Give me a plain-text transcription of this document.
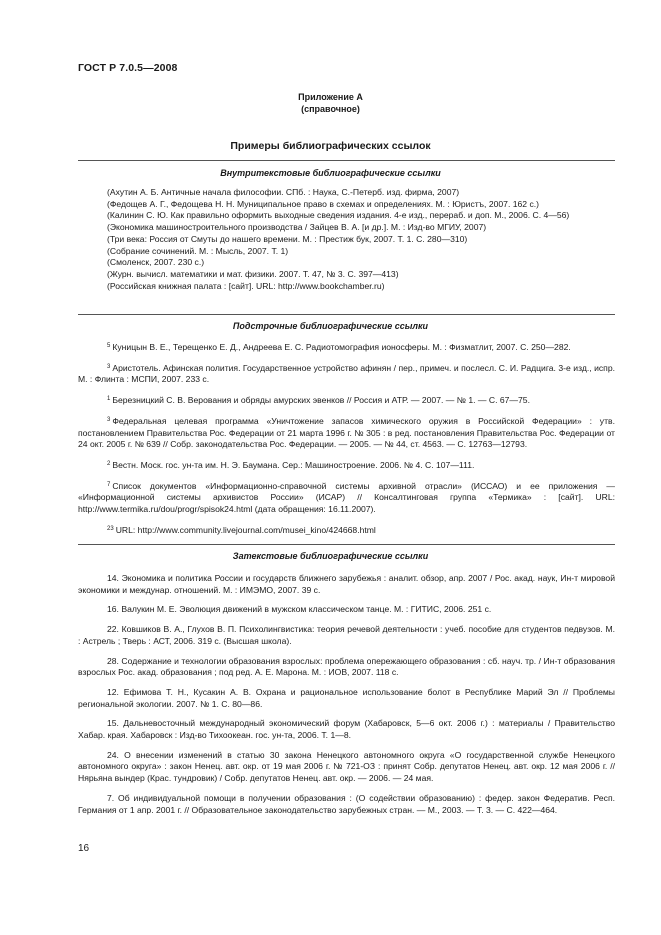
ГОСТ Р 7.0.5—2008
Приложение А
(справочное)
Примеры библиографических ссылок
Внутритекстовые библиографические ссылки

(Ахутин А. Б. Античные начала философии. СПб. : Наука, С.-Петерб. изд. фирма, 2007)

(Федощев А. Г., Федощева Н. Н. Муниципальное право в схемах и определениях. М. : Юристъ, 2007. 162 с.)

(Калинин С. Ю. Как правильно оформить выходные сведения издания. 4-е изд., перераб. и доп. М., 2006. С. 4—56)

(Экономика машиностроительного производства / Зайцев В. А. [и др.]. М. : Изд-во МГИУ, 2007)

(Три века: Россия от Смуты до нашего времени. М. : Престиж бук, 2007. Т. 1. С. 280—310)

(Собрание сочинений. М. : Мысль, 2007. Т. 1)

(Смоленск, 2007. 230 с.)

(Журн. вычисл. математики и мат. физики. 2007. Т. 47, № 3. С. 397—413)

(Российская книжная палата : [сайт]. URL: http://www.bookchamber.ru)

Подстрочные библиографические ссылки

$^5$ Куницын В. Е., Терещенко Е. Д., Андреева Е. С. Радиотомография ионосферы. М. : Физматлит, 2007. С. 250—282.

$^3$ Аристотель. Афинская полития. Государственное устройство афинян / пер., примеч. и послесл. С. И. Радцига. 3-е изд., испр. М. : Флинта : МСПИ, 2007. 233 с.

$^1$ Березницкий С. В. Верования и обряды амурских эвенков // Россия и АТР. — 2007. — № 1. — С. 67—75.

$^3$ Федеральная целевая программа «Уничтожение запасов химического оружия в Российской Федерации» : утв. постановлением Правительства Рос. Федерации от 21 марта 1996 г. № 305 : в ред. постановления Правительства Рос. Федерации от 24 окт. 2005 г. № 639 // Собр. законодательства Рос. Федерации. — 2005. — № 44, ст. 4563. — С. 12763—12793.

$^2$ Вестн. Моск. гос. ун-та им. Н. Э. Баумана. Сер.: Машиностроение. 2006. № 4. С. 107—111.

$^7$ Список документов «Информационно-справочной системы архивной отрасли» (ИССАО) и ее приложения — «Информационной системы архивистов России» (ИСАР) // Консалтинговая группа «Термика» : [сайт]. URL: http://www.termika.ru/dou/progr/spisok24.html (дата обращения: 16.11.2007).

$^{23}$ URL: http://www.community.livejournal.com/musei_kino/424668.html

Затекстовые библиографические ссылки

14. Экономика и политика России и государств ближнего зарубежья : аналит. обзор, апр. 2007 / Рос. акад. наук, Ин-т мировой экономики и междунар. отношений. М. : ИМЭМО, 2007. 39 с.

16. Валукин М. Е. Эволюция движений в мужском классическом танце. М. : ГИТИС, 2006. 251 с.

22. Ковшиков В. А., Глухов В. П. Психолингвистика: теория речевой деятельности : учеб. пособие для студентов педвузов. М. : Астрель ; Тверь : АСТ, 2006. 319 с. (Высшая школа).

28. Содержание и технологии образования взрослых: проблема опережающего образования : сб. науч. тр. / Ин-т образования взрослых Рос. акад. образования ; под ред. А. Е. Марона. М. : ИОВ, 2007. 118 с.

12. Ефимова Т. Н., Кусакин А. В. Охрана и рациональное использование болот в Республике Марий Эл // Проблемы региональной экологии. 2007. № 1. С. 80—86.

15. Дальневосточный международный экономический форум (Хабаровск, 5—6 окт. 2006 г.) : материалы / Правительство Хабар. края. Хабаровск : Изд-во Тихоокеан. гос. ун-та, 2006. Т. 1—8.

24. О внесении изменений в статью 30 закона Ненецкого автономного округа «О государственной службе Ненецкого автономного округа» : закон Ненец. авт. окр. от 19 мая 2006 г. № 721-ОЗ : принят Собр. депутатов Ненец. авт. окр. 12 мая 2006 г. // Нярьяна вындер (Крас. тундровик) / Собр. депутатов Ненец. авт. окр. — 2006. — 24 мая.

7. Об индивидуальной помощи в получении образования : (О содействии образованию) : федер. закон Федератив. Респ. Германия от 1 апр. 2001 г. // Образовательное законодательство зарубежных стран. — М., 2003. — Т. 3. — С. 422—464.

16
